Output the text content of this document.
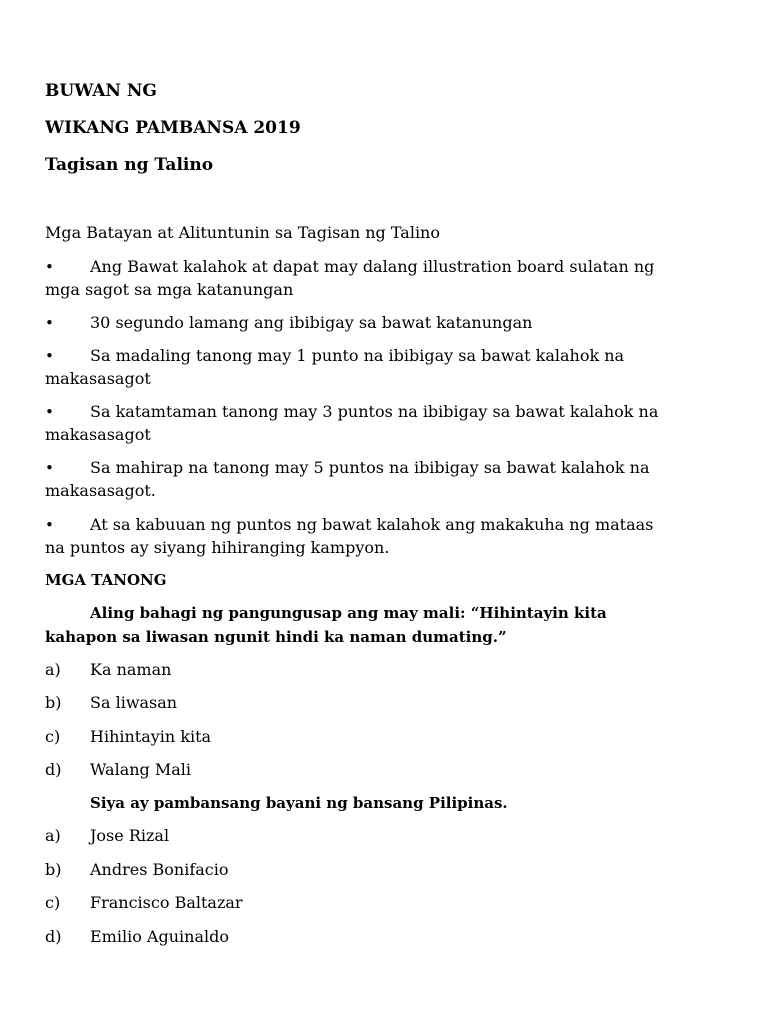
BUWAN NG
WIKANG PAMBANSA 2019
Tagisan ng Talino
Mga Batayan at Alituntunin sa Tagisan ng Talino
• Ang Bawat kalahok at dapat may dalang illustration board sulatan ng
mga sagot sa mga katanungan
• 30 segundo lamang ang ibibigay sa bawat katanungan
• Sa madaling tanong may 1 punto na ibibigay sa bawat kalahok na
makasasagot
• Sa katamtaman tanong may 3 puntos na ibibigay sa bawat kalahok na
makasasagot
• Sa mahirap na tanong may 5 puntos na ibibigay sa bawat kalahok na
makasasagot.
• At sa kabuuan ng puntos ng bawat kalahok ang makakuha ng mataas
na puntos ay siyang hihiranging kampyon.
MGA TANONG
Aling bahagi ng pangungusap ang may mali: “Hihintayin kita
kahapon sa liwasan ngunit hindi ka naman dumating.”
a) Ka naman
b) Sa liwasan
c) Hihintayin kita
d) Walang Mali
Siya ay pambansang bayani ng bansang Pilipinas.
a) Jose Rizal
b) Andres Bonifacio
c) Francisco Baltazar
d) Emilio Aguinaldo
